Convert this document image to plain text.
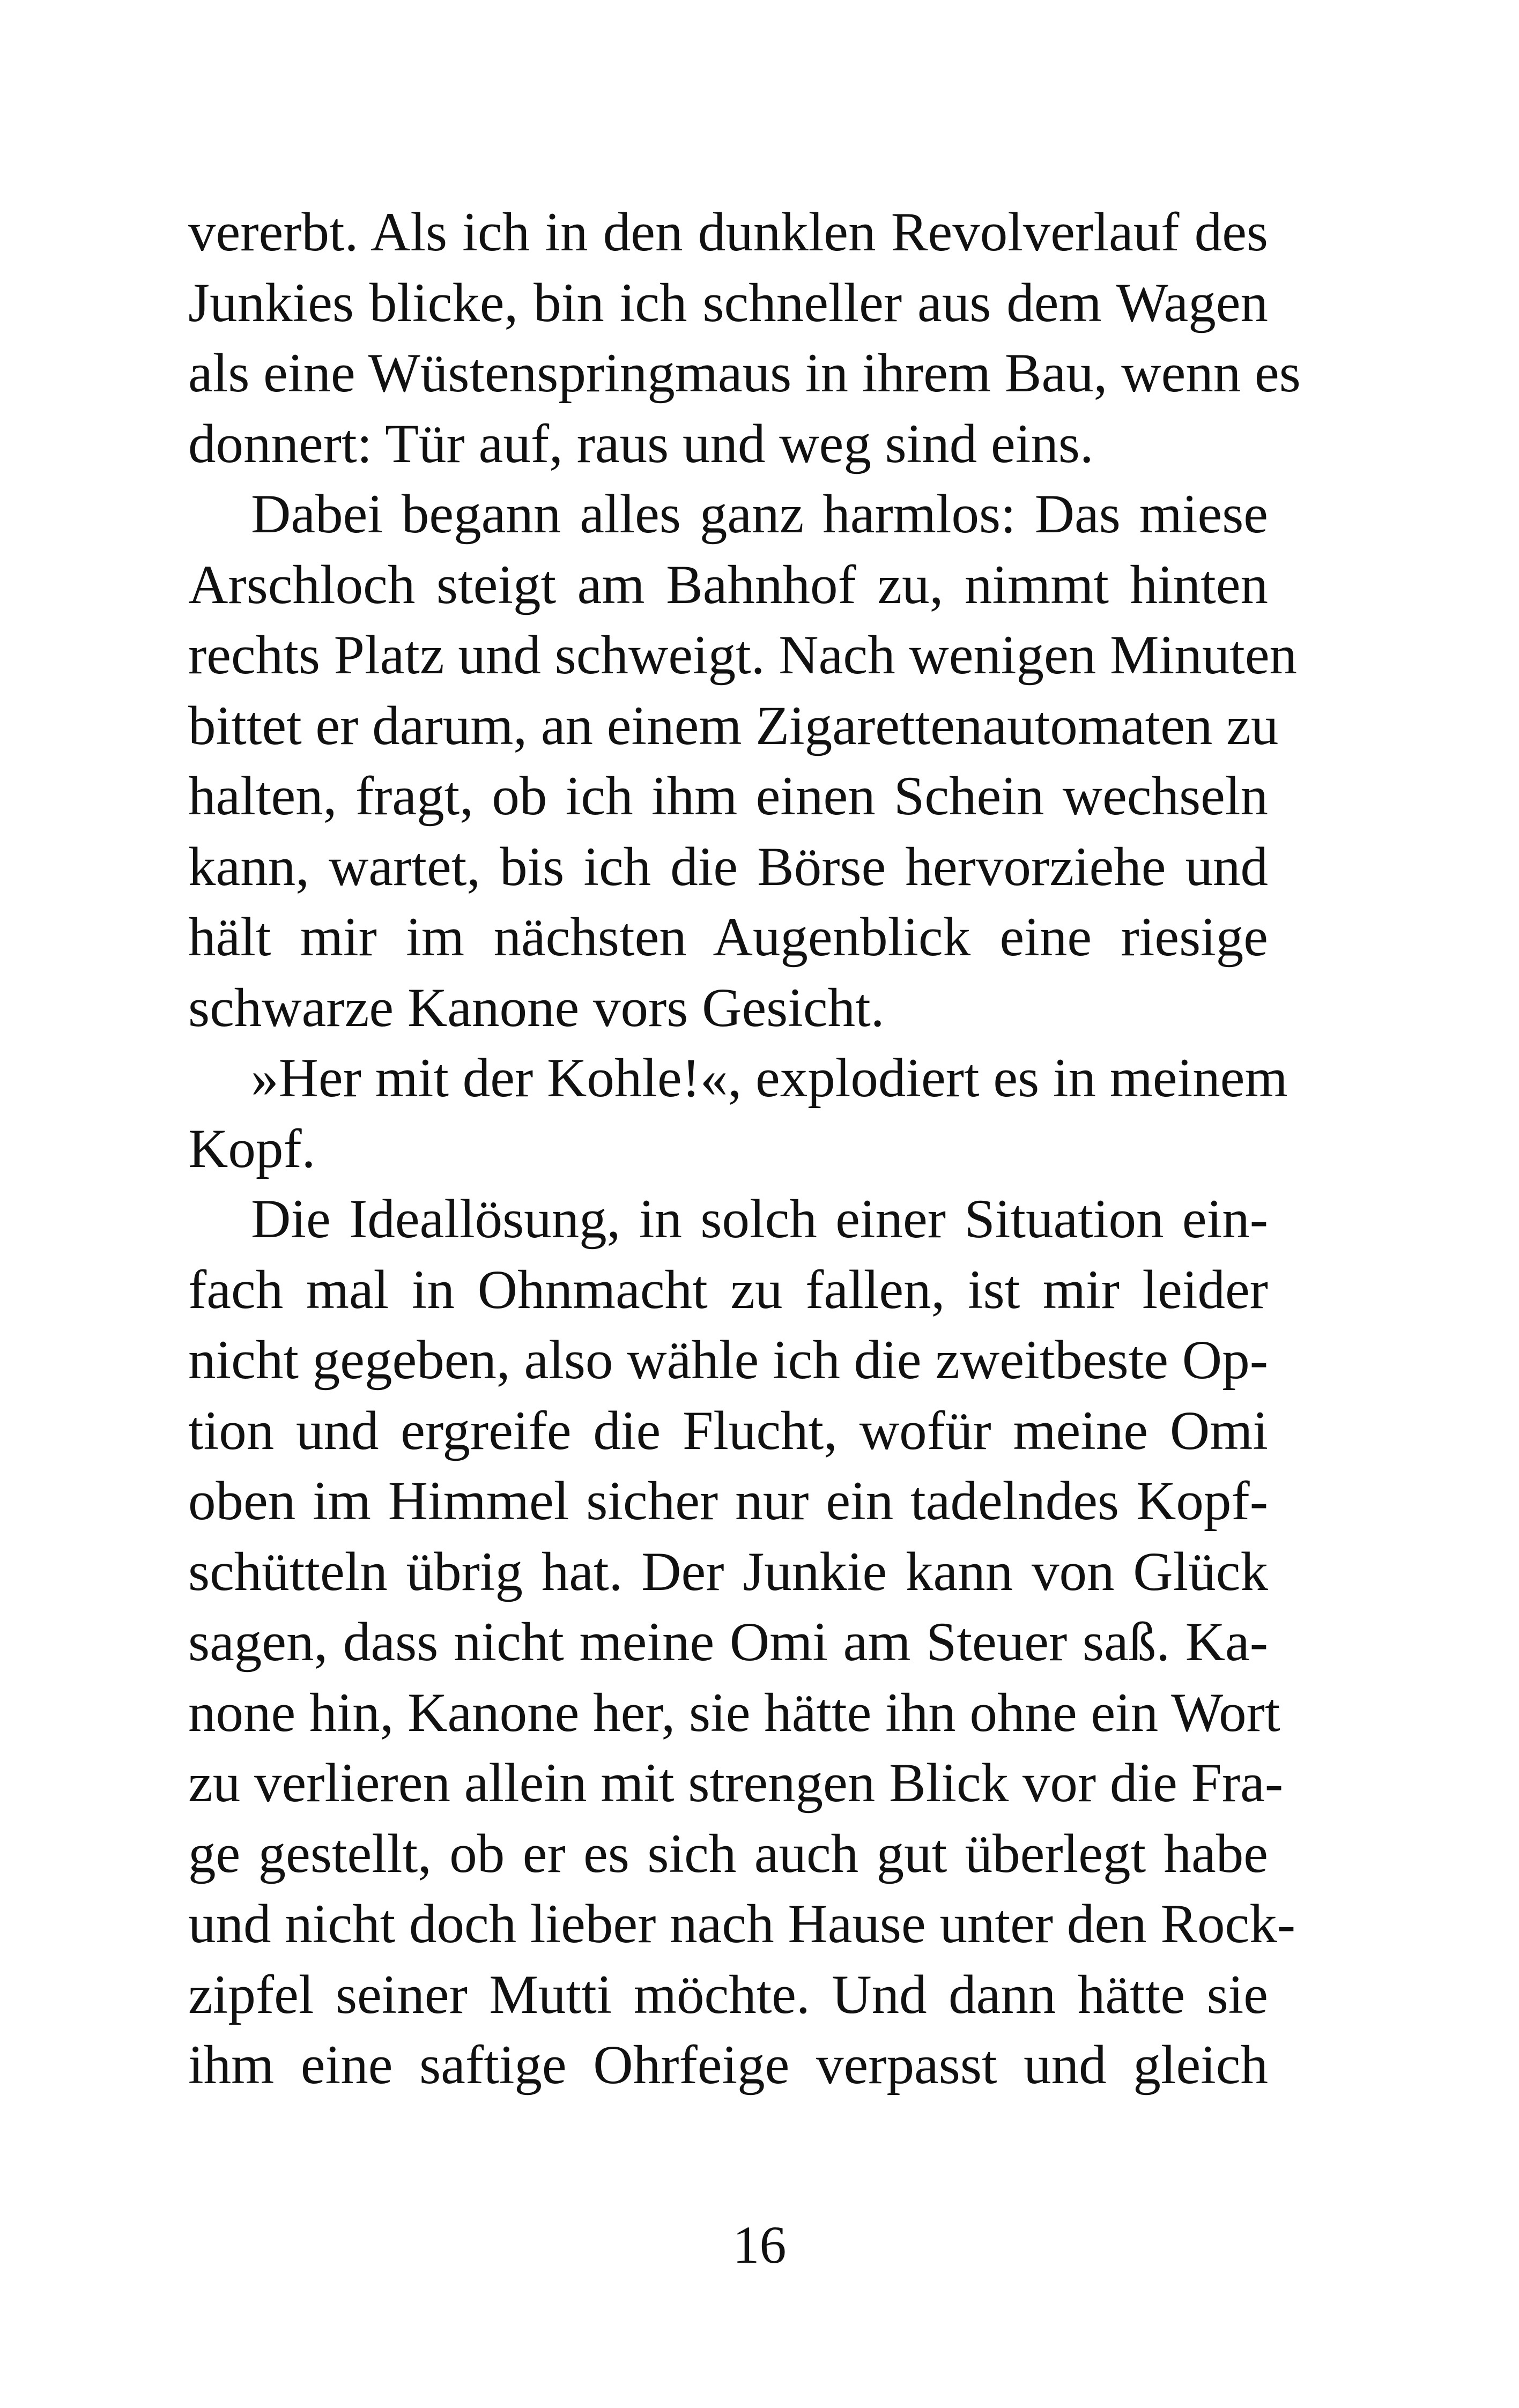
vererbt. Als ich in den dunklen Revolverlauf des
Junkies blicke, bin ich schneller aus dem Wagen
als eine Wüstenspringmaus in ihrem Bau, wenn es
donnert: Tür auf, raus und weg sind eins.
Dabei begann alles ganz harmlos: Das miese
Arschloch steigt am Bahnhof zu, nimmt hinten
rechts Platz und schweigt. Nach wenigen Minuten
bittet er darum, an einem Zigarettenautomaten zu
halten, fragt, ob ich ihm einen Schein wechseln
kann, wartet, bis ich die Börse hervorziehe und
hält mir im nächsten Augenblick eine riesige
schwarze Kanone vors Gesicht.
»Her mit der Kohle!«, explodiert es in meinem
Kopf.
Die Ideallösung, in solch einer Situation ein-
fach mal in Ohnmacht zu fallen, ist mir leider
nicht gegeben, also wähle ich die zweitbeste Op-
tion und ergreife die Flucht, wofür meine Omi
oben im Himmel sicher nur ein tadelndes Kopf-
schütteln übrig hat. Der Junkie kann von Glück
sagen, dass nicht meine Omi am Steuer saß. Ka-
none hin, Kanone her, sie hätte ihn ohne ein Wort
zu verlieren allein mit strengen Blick vor die Fra-
ge gestellt, ob er es sich auch gut überlegt habe
und nicht doch lieber nach Hause unter den Rock-
zipfel seiner Mutti möchte. Und dann hätte sie
ihm eine saftige Ohrfeige verpasst und gleich
16
